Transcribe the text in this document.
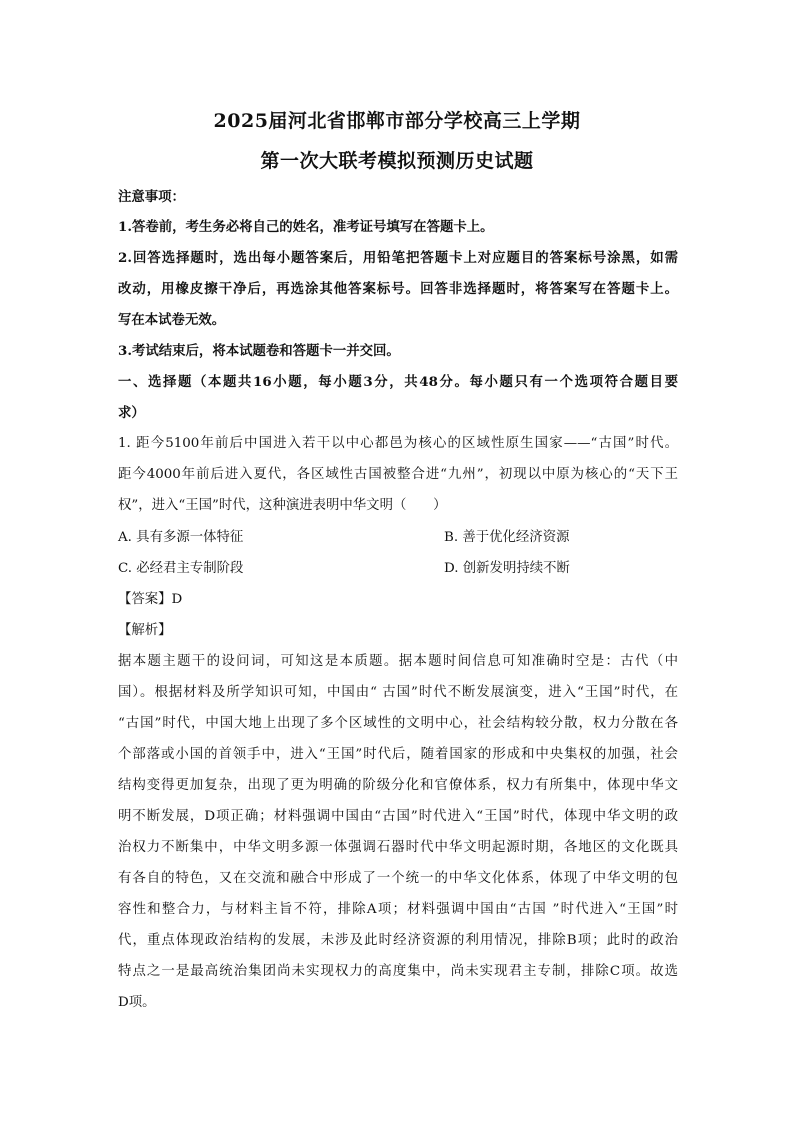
2025届河北省邯郸市部分学校高三上学期
第一次大联考模拟预测历史试题
注意事项：
1.答卷前，考生务必将自己的姓名，准考证号填写在答题卡上。
2.回答选择题时，选出每小题答案后，用铅笔把答题卡上对应题目的答案标号涂黑，如需
改动，用橡皮擦干净后，再选涂其他答案标号。回答非选择题时，将答案写在答题卡上。
写在本试卷无效。
3.考试结束后，将本试题卷和答题卡一并交回。
一、选择题（本题共16小题，每小题3分，共48分。每小题只有一个选项符合题目要
求）
1. 距今5100年前后中国进入若干以中心都邑为核心的区域性原生国家——“古国”时代。
距今4000年前后进入夏代，各区域性古国被整合进“九州”，初现以中原为核心的“天下王
权”，进入“王国”时代，这种演进表明中华文明（　　）
A. 具有多源一体特征	B. 善于优化经济资源
C. 必经君主专制阶段	D. 创新发明持续不断
【答案】D
【解析】
据本题主题干的设问词，可知这是本质题。据本题时间信息可知准确时空是：古代（中
国）。根据材料及所学知识可知，中国由“ 古国”时代不断发展演变，进入“王国”时代，在
“古国”时代，中国大地上出现了多个区域性的文明中心，社会结构较分散，权力分散在各
个部落或小国的首领手中，进入“王国”时代后，随着国家的形成和中央集权的加强，社会
结构变得更加复杂，出现了更为明确的阶级分化和官僚体系，权力有所集中，体现中华文
明不断发展，D项正确；材料强调中国由“古国”时代进入“王国”时代，体现中华文明的政
治权力不断集中，中华文明多源一体强调石器时代中华文明起源时期，各地区的文化既具
有各自的特色，又在交流和融合中形成了一个统一的中华文化体系，体现了中华文明的包
容性和整合力，与材料主旨不符，排除A项；材料强调中国由“古国 ”时代进入“王国”时
代，重点体现政治结构的发展，未涉及此时经济资源的利用情况，排除B项；此时的政治
特点之一是最高统治集团尚未实现权力的高度集中，尚未实现君主专制，排除C项。故选
D项。
